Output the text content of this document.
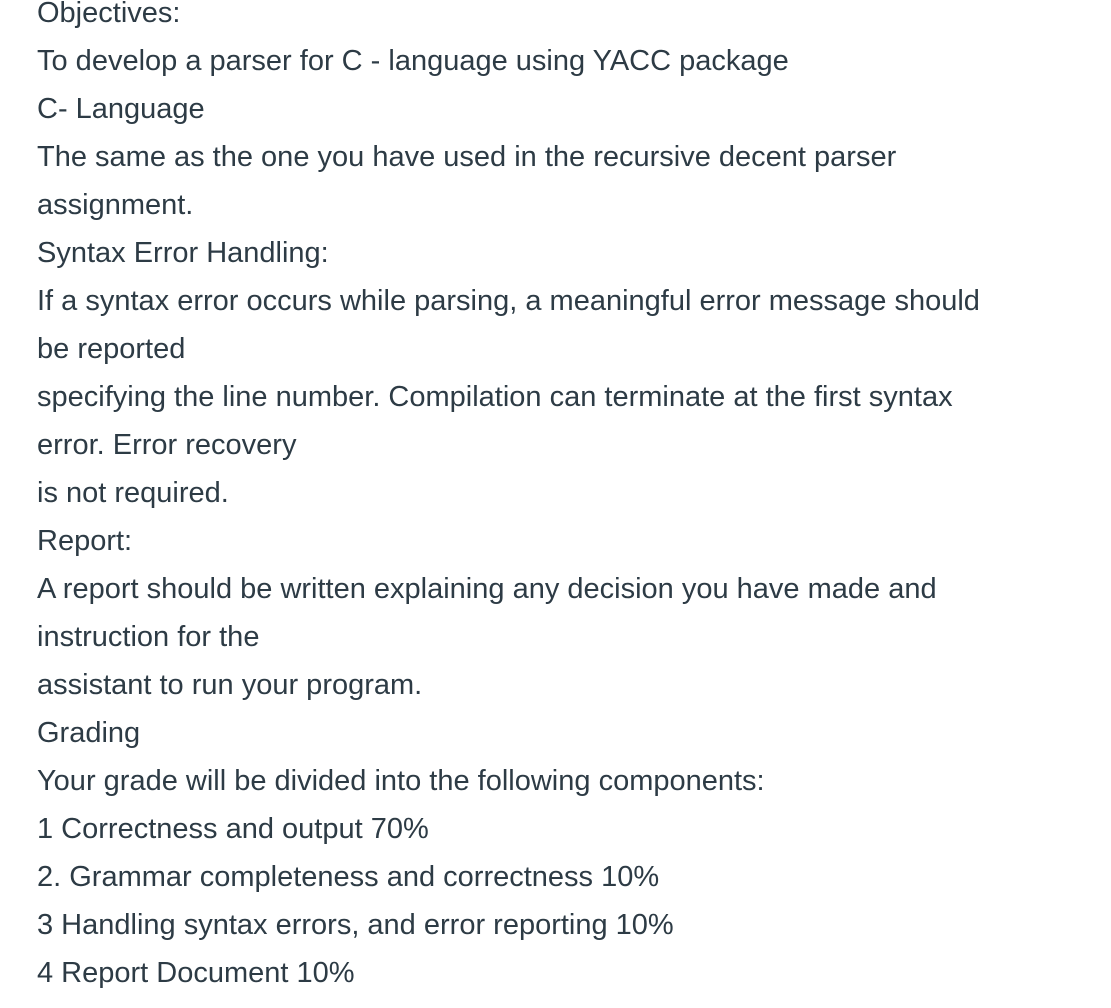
Objectives:
To develop a parser for C - language using YACC package
C- Language
The same as the one you have used in the recursive decent parser
assignment.
Syntax Error Handling:
If a syntax error occurs while parsing, a meaningful error message should
be reported
specifying the line number. Compilation can terminate at the first syntax
error. Error recovery
is not required.
Report:
A report should be written explaining any decision you have made and
instruction for the
assistant to run your program.
Grading
Your grade will be divided into the following components:
1 Correctness and output 70%
2. Grammar completeness and correctness 10%
3 Handling syntax errors, and error reporting 10%
4 Report Document 10%
